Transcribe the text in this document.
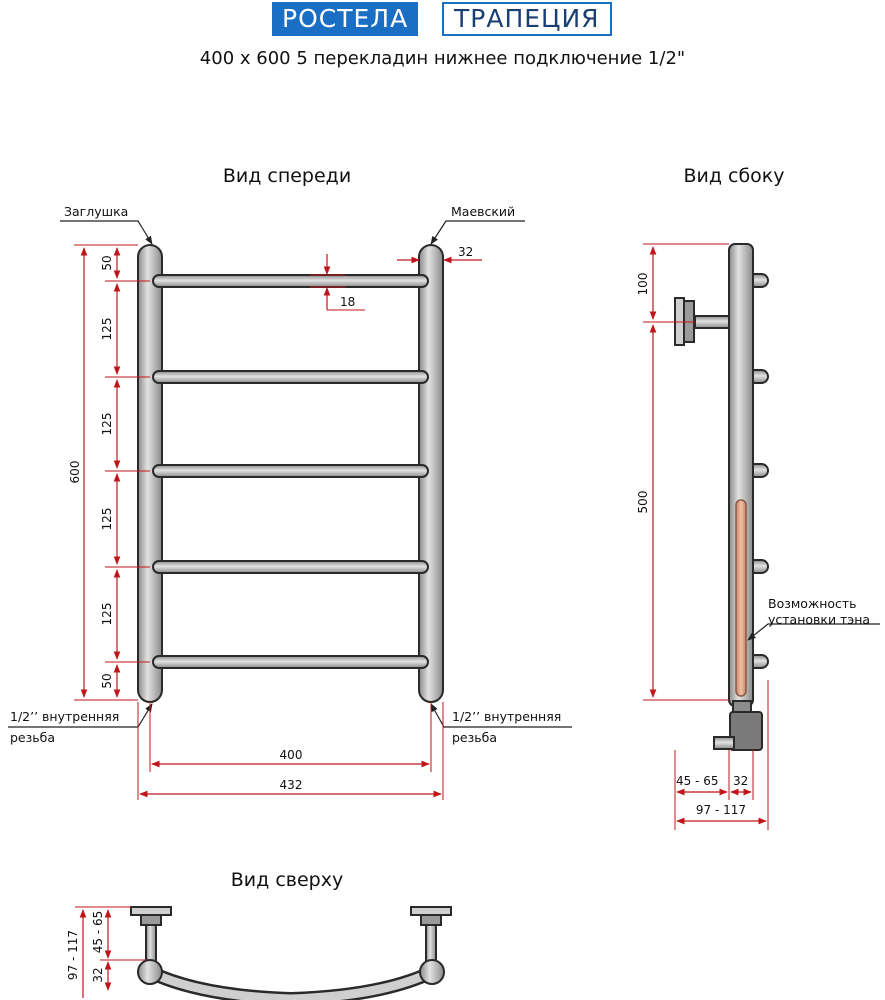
РОСТЕЛА	ТРАПЕЦИЯ
400 x 600 5 перекладин нижнее подключение 1/2"
Вид спереди
Заглушка	Маевский
1/2’’ внутренняя
резьба
1/2’’ внутренняя
резьба
600
50
125
125
125
125
50
32
18
400
432
Вид сбоку
Возможность
установки тэна
100
500
45 - 65 32
97 - 117
Вид сверху
97 - 117 45 - 65
32
